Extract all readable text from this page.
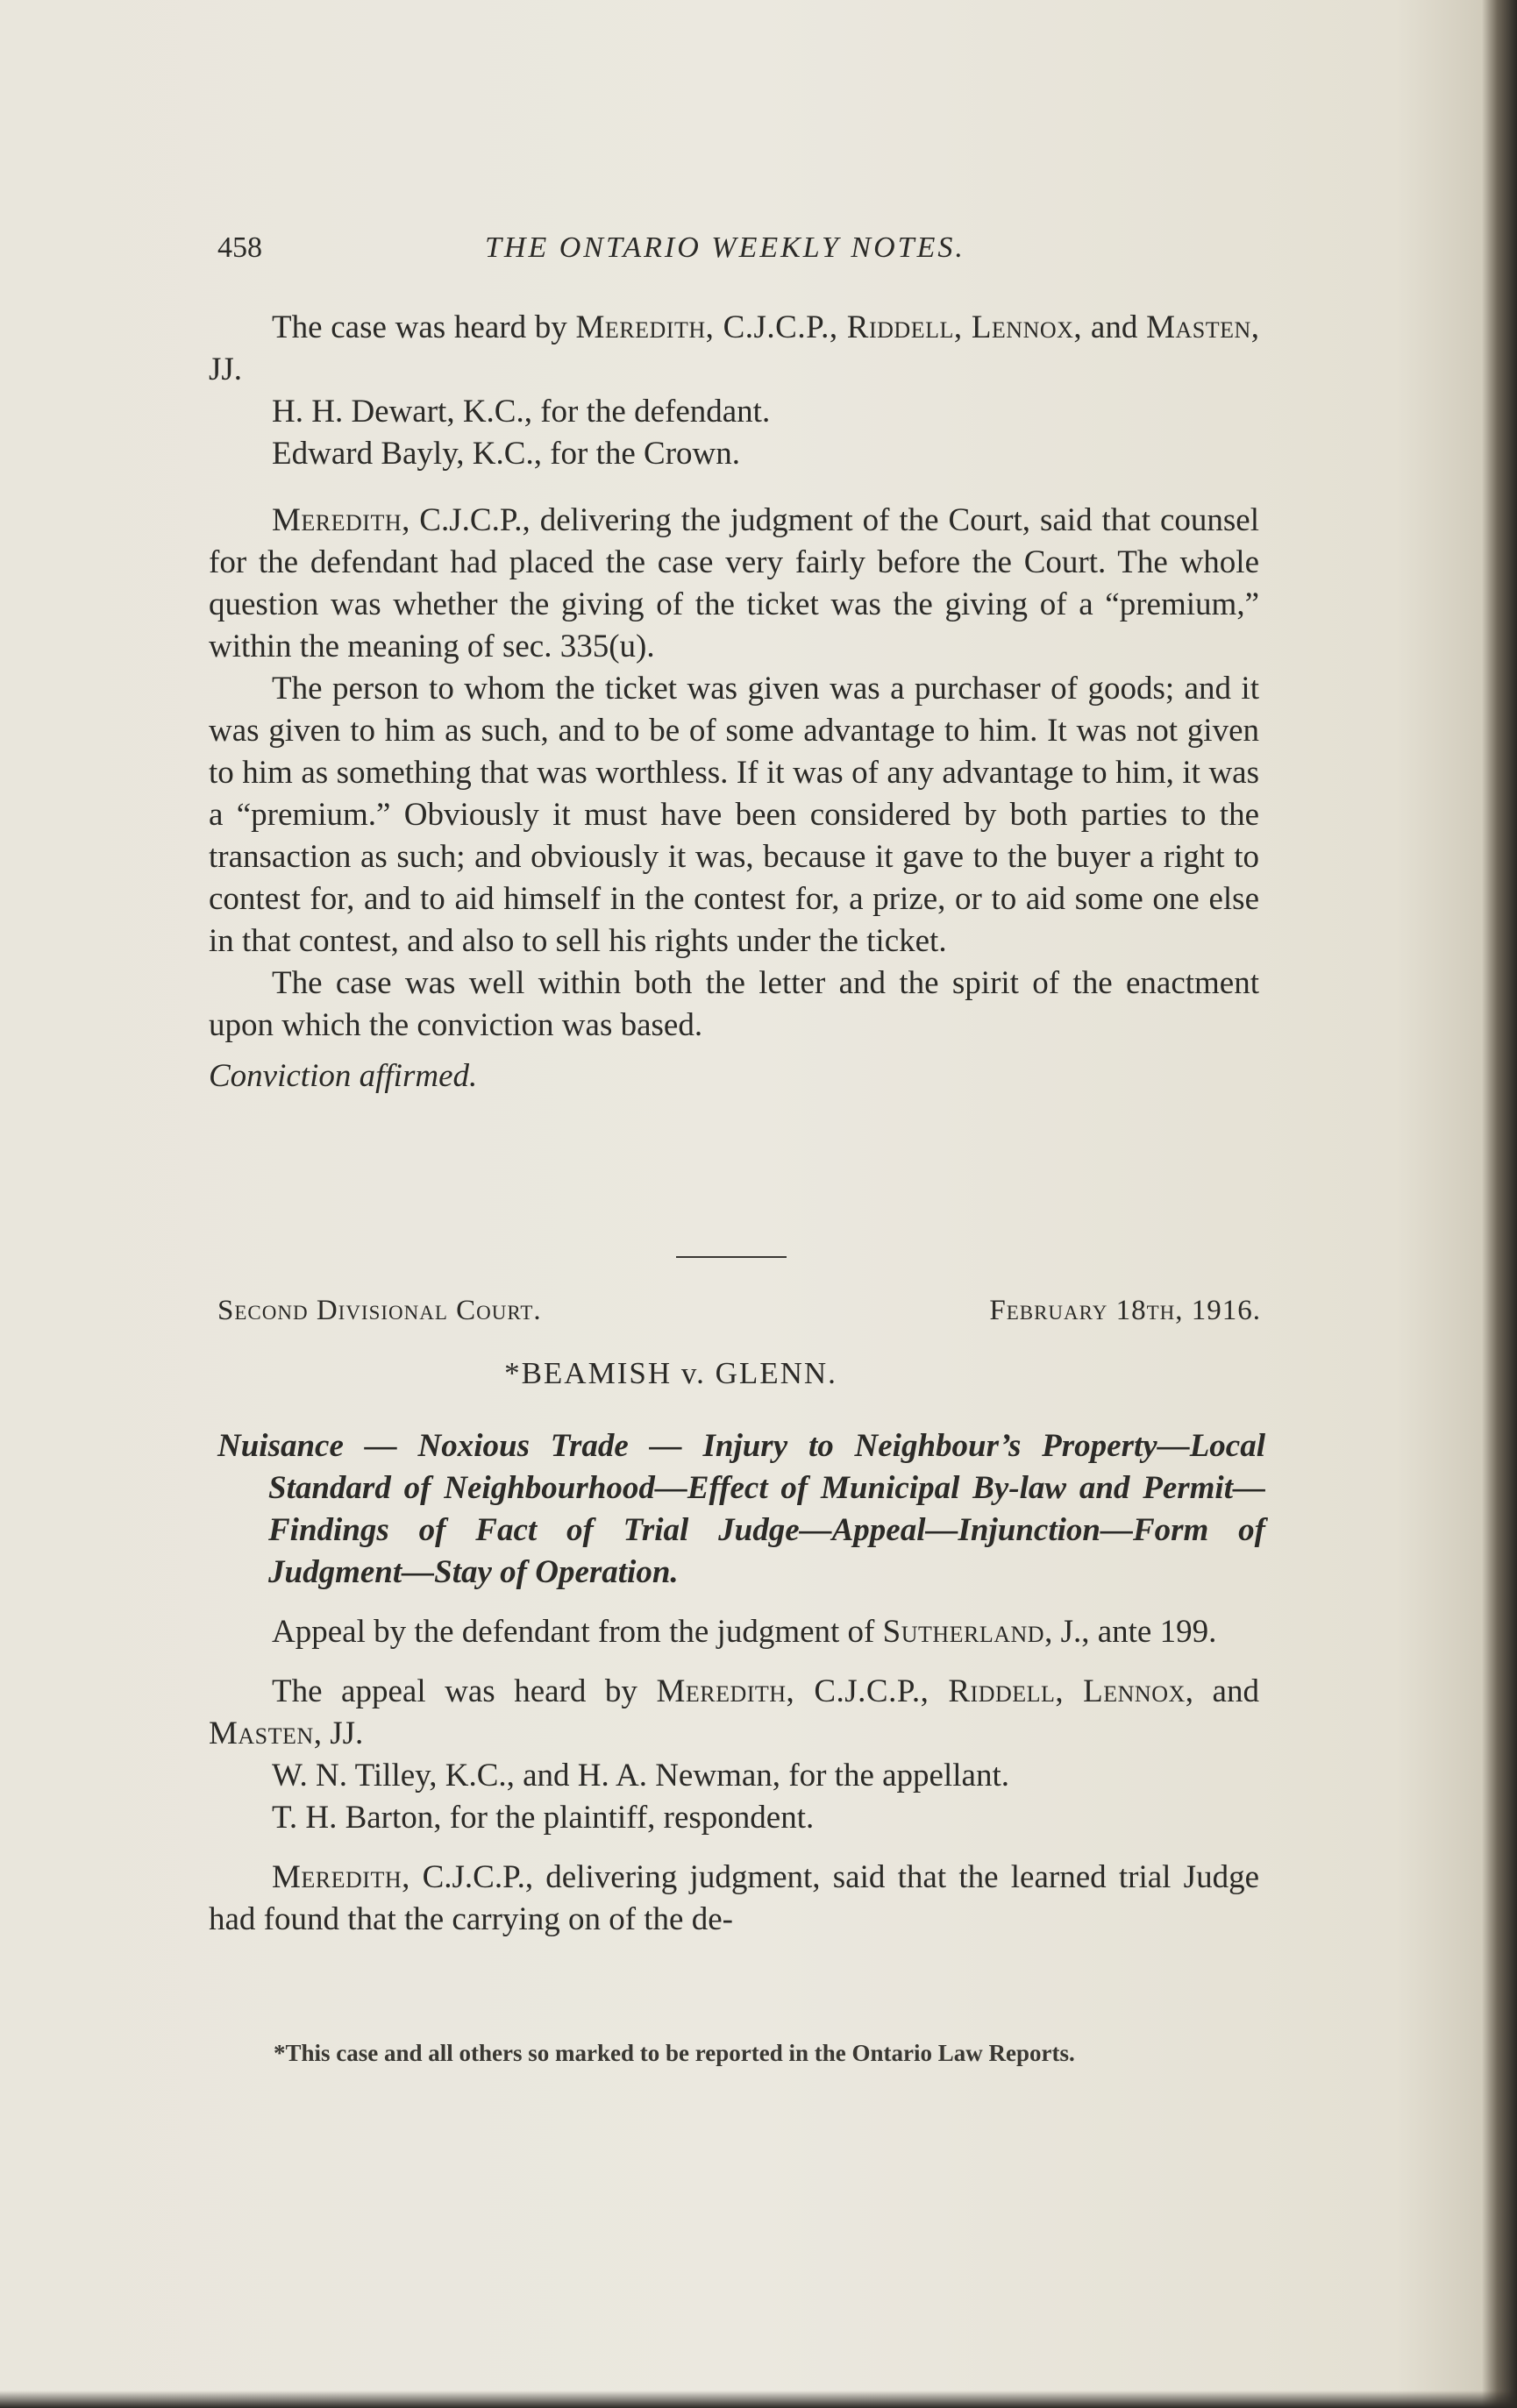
458	THE ONTARIO WEEKLY NOTES.

The case was heard by Meredith, C.J.C.P., Riddell, Lennox, and Masten, JJ.

H. H. Dewart, K.C., for the defendant.

Edward Bayly, K.C., for the Crown.

Meredith, C.J.C.P., delivering the judgment of the Court, said that counsel for the defendant had placed the case very fairly before the Court. The whole question was whether the giving of the ticket was the giving of a “premium,” within the meaning of sec. 335(u).

The person to whom the ticket was given was a purchaser of goods; and it was given to him as such, and to be of some advantage to him. It was not given to him as something that was worthless. If it was of any advantage to him, it was a “premium.” Obviously it must have been considered by both parties to the transaction as such; and obviously it was, because it gave to the buyer a right to contest for, and to aid himself in the contest for, a prize, or to aid some one else in that contest, and also to sell his rights under the ticket.

The case was well within both the letter and the spirit of the enactment upon which the conviction was based.

Conviction affirmed.

Second Divisional Court.	February 18th, 1916.
*BEAMISH v. GLENN.
Nuisance — Noxious Trade — Injury to Neighbour’s Property—Local Standard of Neighbourhood—Effect of Municipal By-law and Permit—Findings of Fact of Trial Judge—Appeal—Injunction—Form of Judgment—Stay of Operation.

Appeal by the defendant from the judgment of Sutherland, J., ante 199.

The appeal was heard by Meredith, C.J.C.P., Riddell, Lennox, and Masten, JJ.

W. N. Tilley, K.C., and H. A. Newman, for the appellant.

T. H. Barton, for the plaintiff, respondent.

Meredith, C.J.C.P., delivering judgment, said that the learned trial Judge had found that the carrying on of the de-

*This case and all others so marked to be reported in the Ontario Law Reports.
